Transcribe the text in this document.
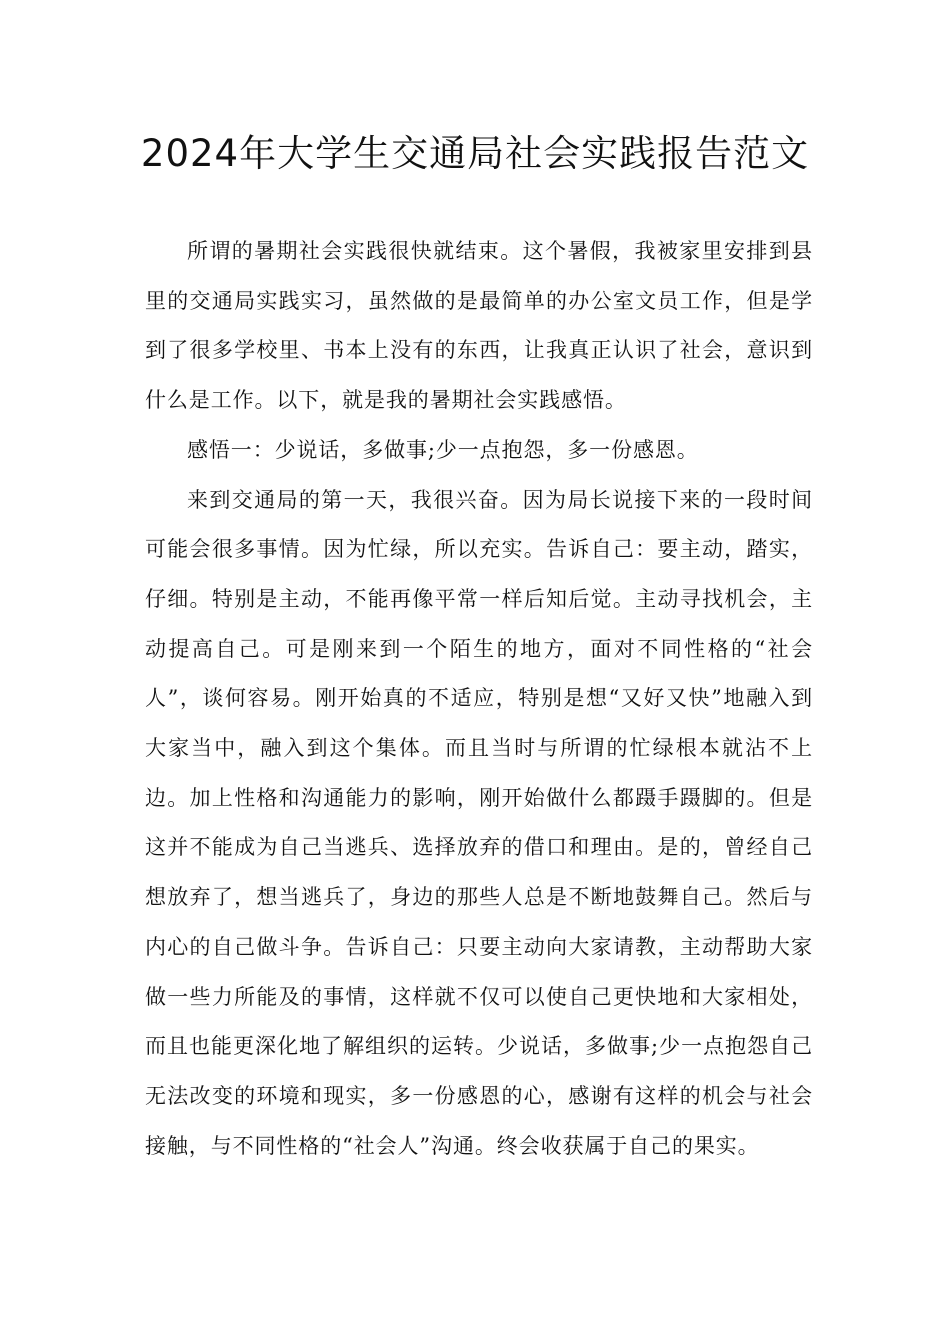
2024年大学生交通局社会实践报告范文

所谓的暑期社会实践很快就结束。这个暑假，我被家里安排到县里的交通局实践实习，虽然做的是最简单的办公室文员工作，但是学到了很多学校里、书本上没有的东西，让我真正认识了社会，意识到什么是工作。以下，就是我的暑期社会实践感悟。

感悟一：少说话，多做事;少一点抱怨，多一份感恩。

来到交通局的第一天，我很兴奋。因为局长说接下来的一段时间可能会很多事情。因为忙绿，所以充实。告诉自己：要主动，踏实，仔细。特别是主动，不能再像平常一样后知后觉。主动寻找机会，主动提高自己。可是刚来到一个陌生的地方，面对不同性格的“社会人”，谈何容易。刚开始真的不适应，特别是想“又好又快”地融入到大家当中，融入到这个集体。而且当时与所谓的忙绿根本就沾不上边。加上性格和沟通能力的影响，刚开始做什么都蹑手蹑脚的。但是这并不能成为自己当逃兵、选择放弃的借口和理由。是的，曾经自己想放弃了，想当逃兵了，身边的那些人总是不断地鼓舞自己。然后与内心的自己做斗争。告诉自己：只要主动向大家请教，主动帮助大家做一些力所能及的事情，这样就不仅可以使自己更快地和大家相处，而且也能更深化地了解组织的运转。少说话，多做事;少一点抱怨自己无法改变的环境和现实，多一份感恩的心，感谢有这样的机会与社会接触，与不同性格的“社会人”沟通。终会收获属于自己的果实。
